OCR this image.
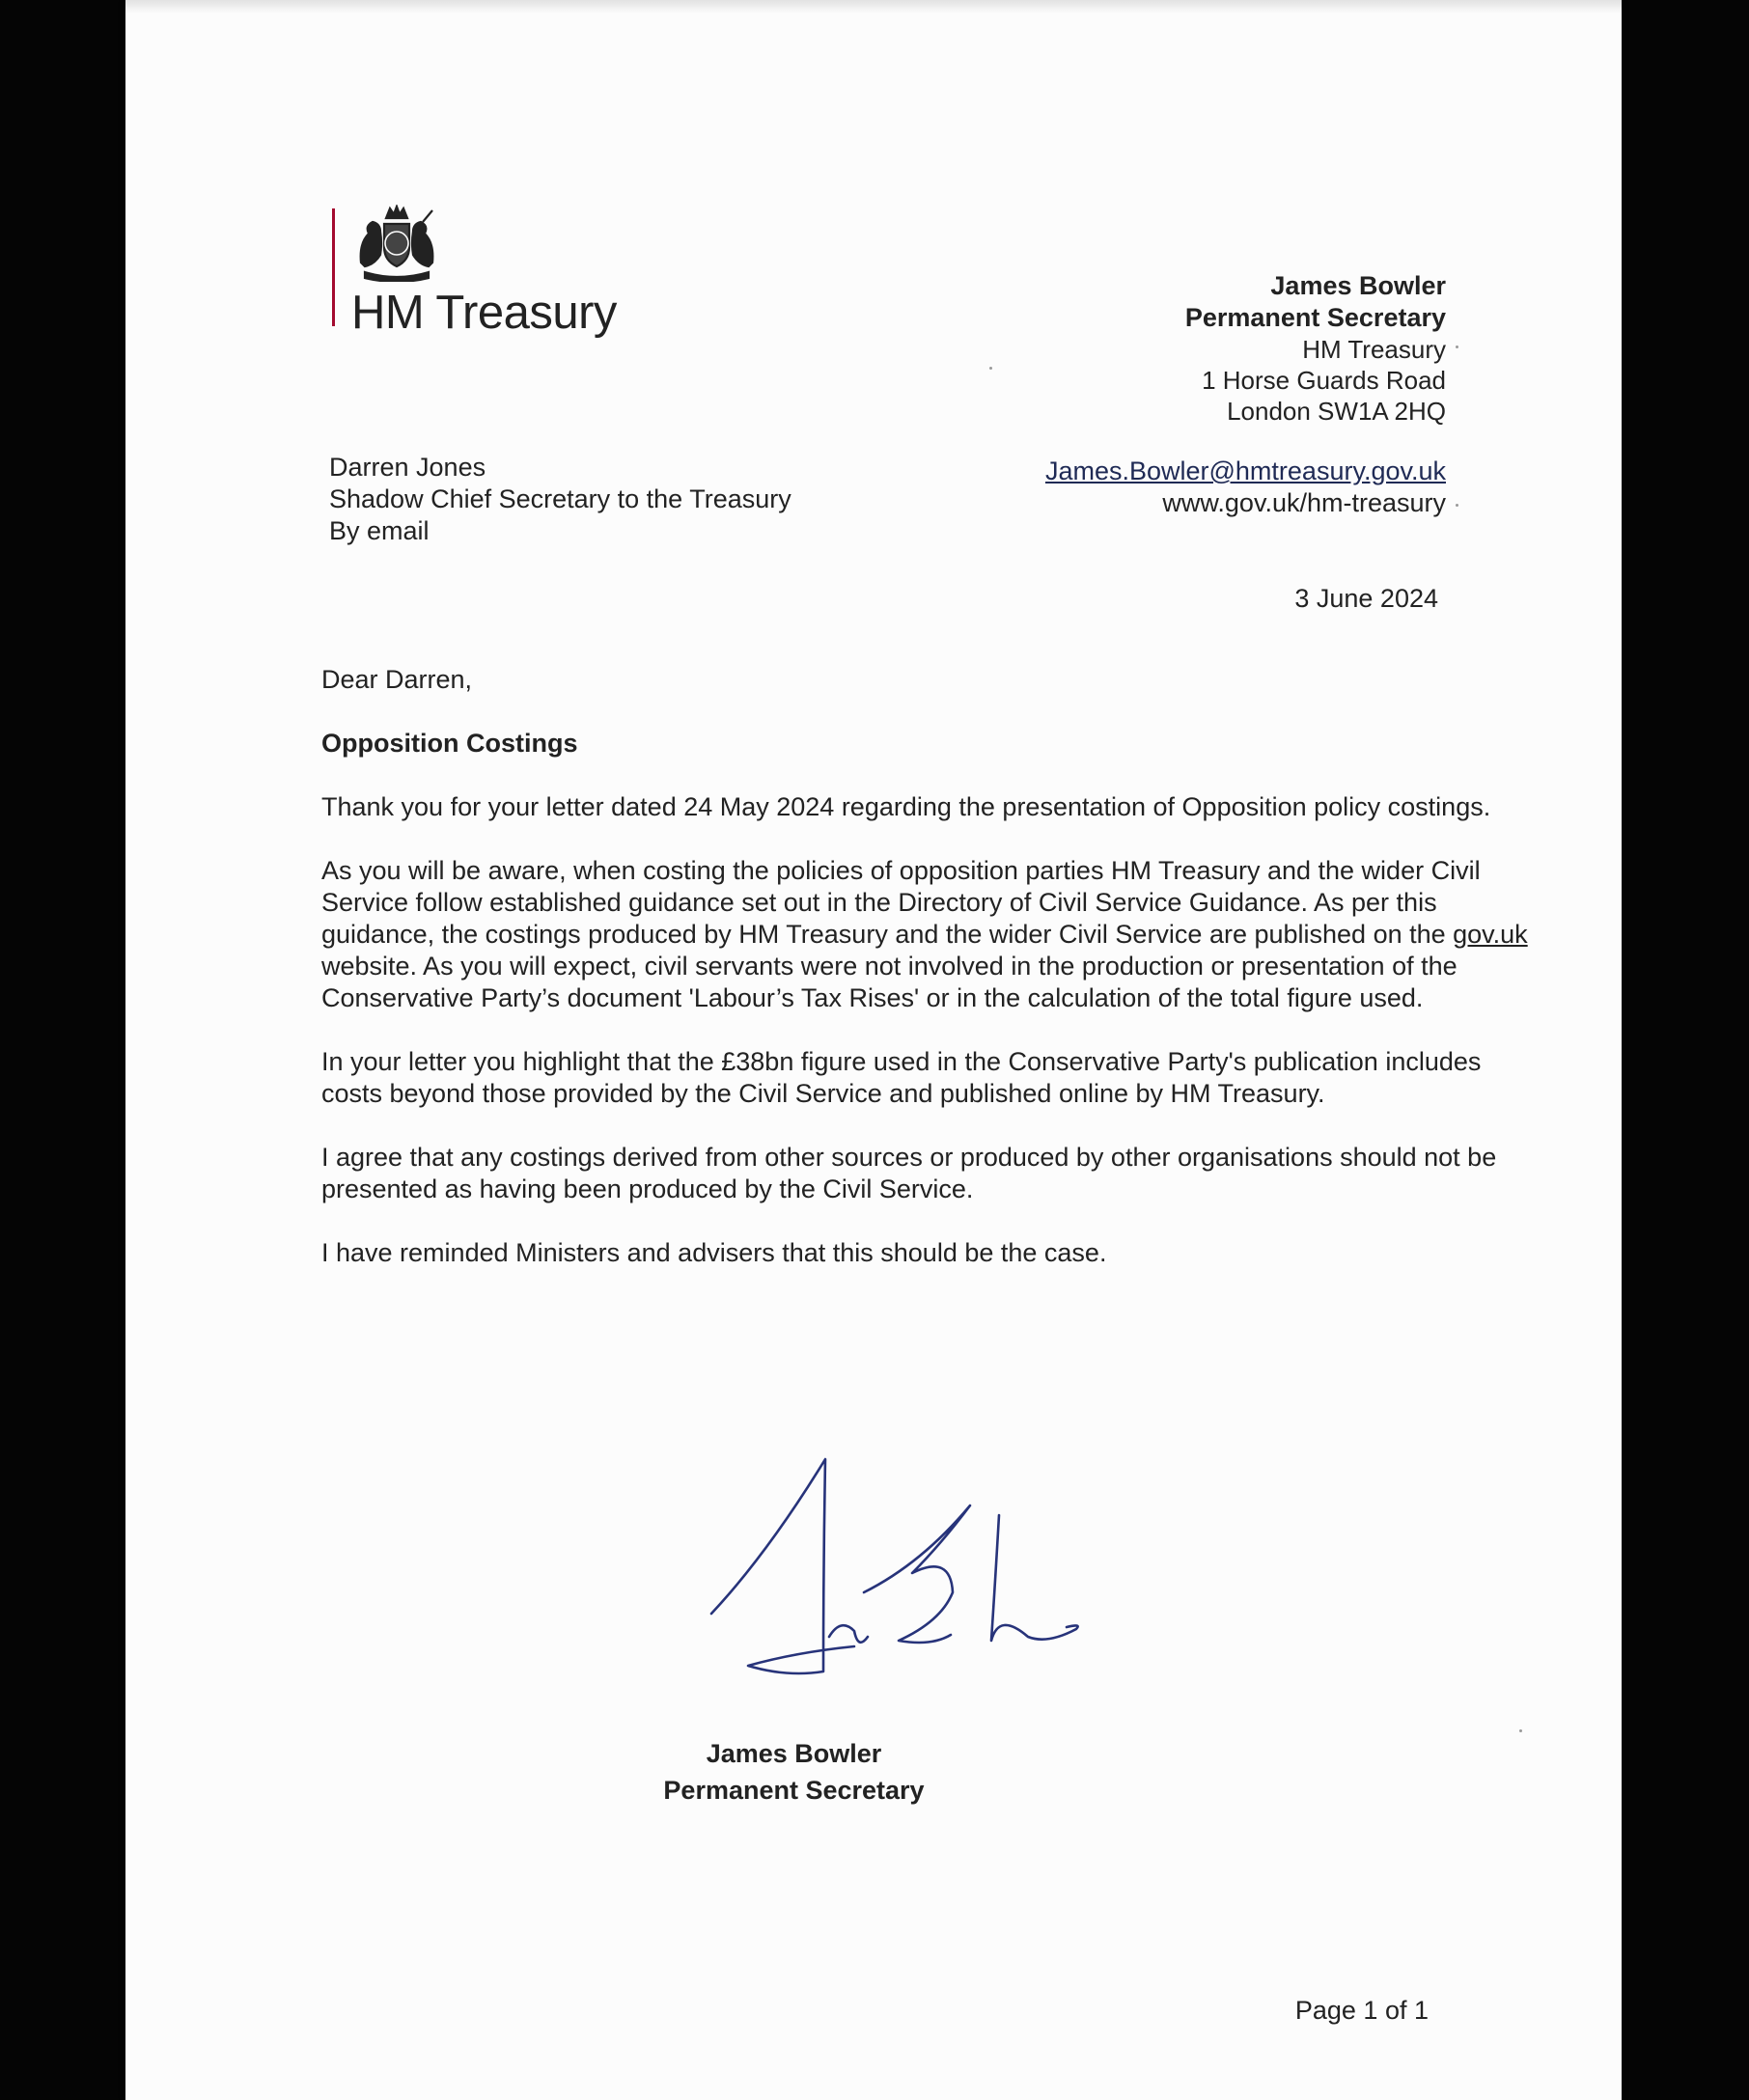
HM Treasury
James Bowler
Permanent Secretary
HM Treasury
1 Horse Guards Road
London SW1A 2HQ
Darren Jones
Shadow Chief Secretary to the Treasury
By email
James.Bowler@hmtreasury.gov.uk
www.gov.uk/hm-treasury
3 June 2024

Dear Darren,

Opposition Costings

Thank you for your letter dated 24 May 2024 regarding the presentation of Opposition policy costings.

As you will be aware, when costing the policies of opposition parties HM Treasury and the wider Civil Service follow established guidance set out in the Directory of Civil Service Guidance. As per this guidance, the costings produced by HM Treasury and the wider Civil Service are published on the gov.uk website. As you will expect, civil servants were not involved in the production or presentation of the Conservative Party’s document 'Labour’s Tax Rises' or in the calculation of the total figure used.

In your letter you highlight that the £38bn figure used in the Conservative Party's publication includes costs beyond those provided by the Civil Service and published online by HM Treasury.

I agree that any costings derived from other sources or produced by other organisations should not be presented as having been produced by the Civil Service.

I have reminded Ministers and advisers that this should be the case.

James Bowler
Permanent Secretary
Page 1 of 1
